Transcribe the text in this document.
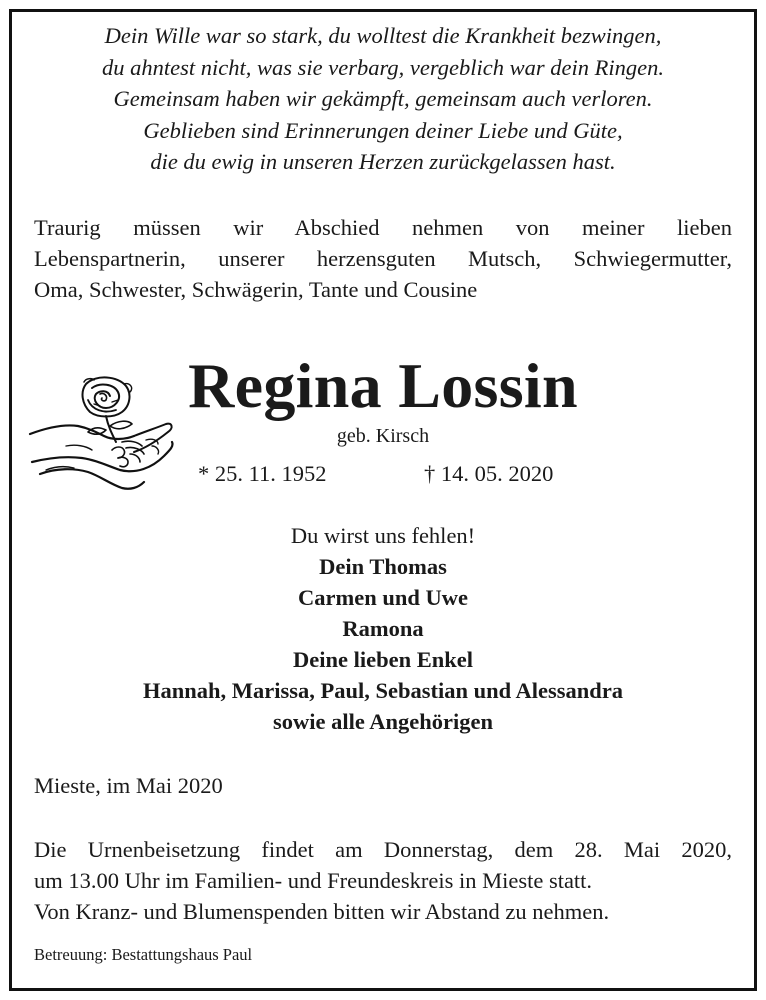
Dein Wille war so stark, du wolltest die Krankheit bezwingen,
du ahntest nicht, was sie verbarg, vergeblich war dein Ringen.
Gemeinsam haben wir gekämpft, gemeinsam auch verloren.
Geblieben sind Erinnerungen deiner Liebe und Güte,
die du ewig in unseren Herzen zurückgelassen hast.
Traurig müssen wir Abschied nehmen von meiner lieben
Lebenspartnerin, unserer herzensguten Mutsch, Schwiegermutter,
Oma, Schwester, Schwägerin, Tante und Cousine
Regina Lossin
geb. Kirsch
* 25. 11. 1952	† 14. 05. 2020
Du wirst uns fehlen!
Dein Thomas
Carmen und Uwe
Ramona
Deine lieben Enkel
Hannah, Marissa, Paul, Sebastian und Alessandra
sowie alle Angehörigen
Mieste, im Mai 2020
Die Urnenbeisetzung findet am Donnerstag, dem 28. Mai 2020,
um 13.00 Uhr im Familien- und Freundeskreis in Mieste statt.
Von Kranz- und Blumenspenden bitten wir Abstand zu nehmen.
Betreuung: Bestattungshaus Paul
